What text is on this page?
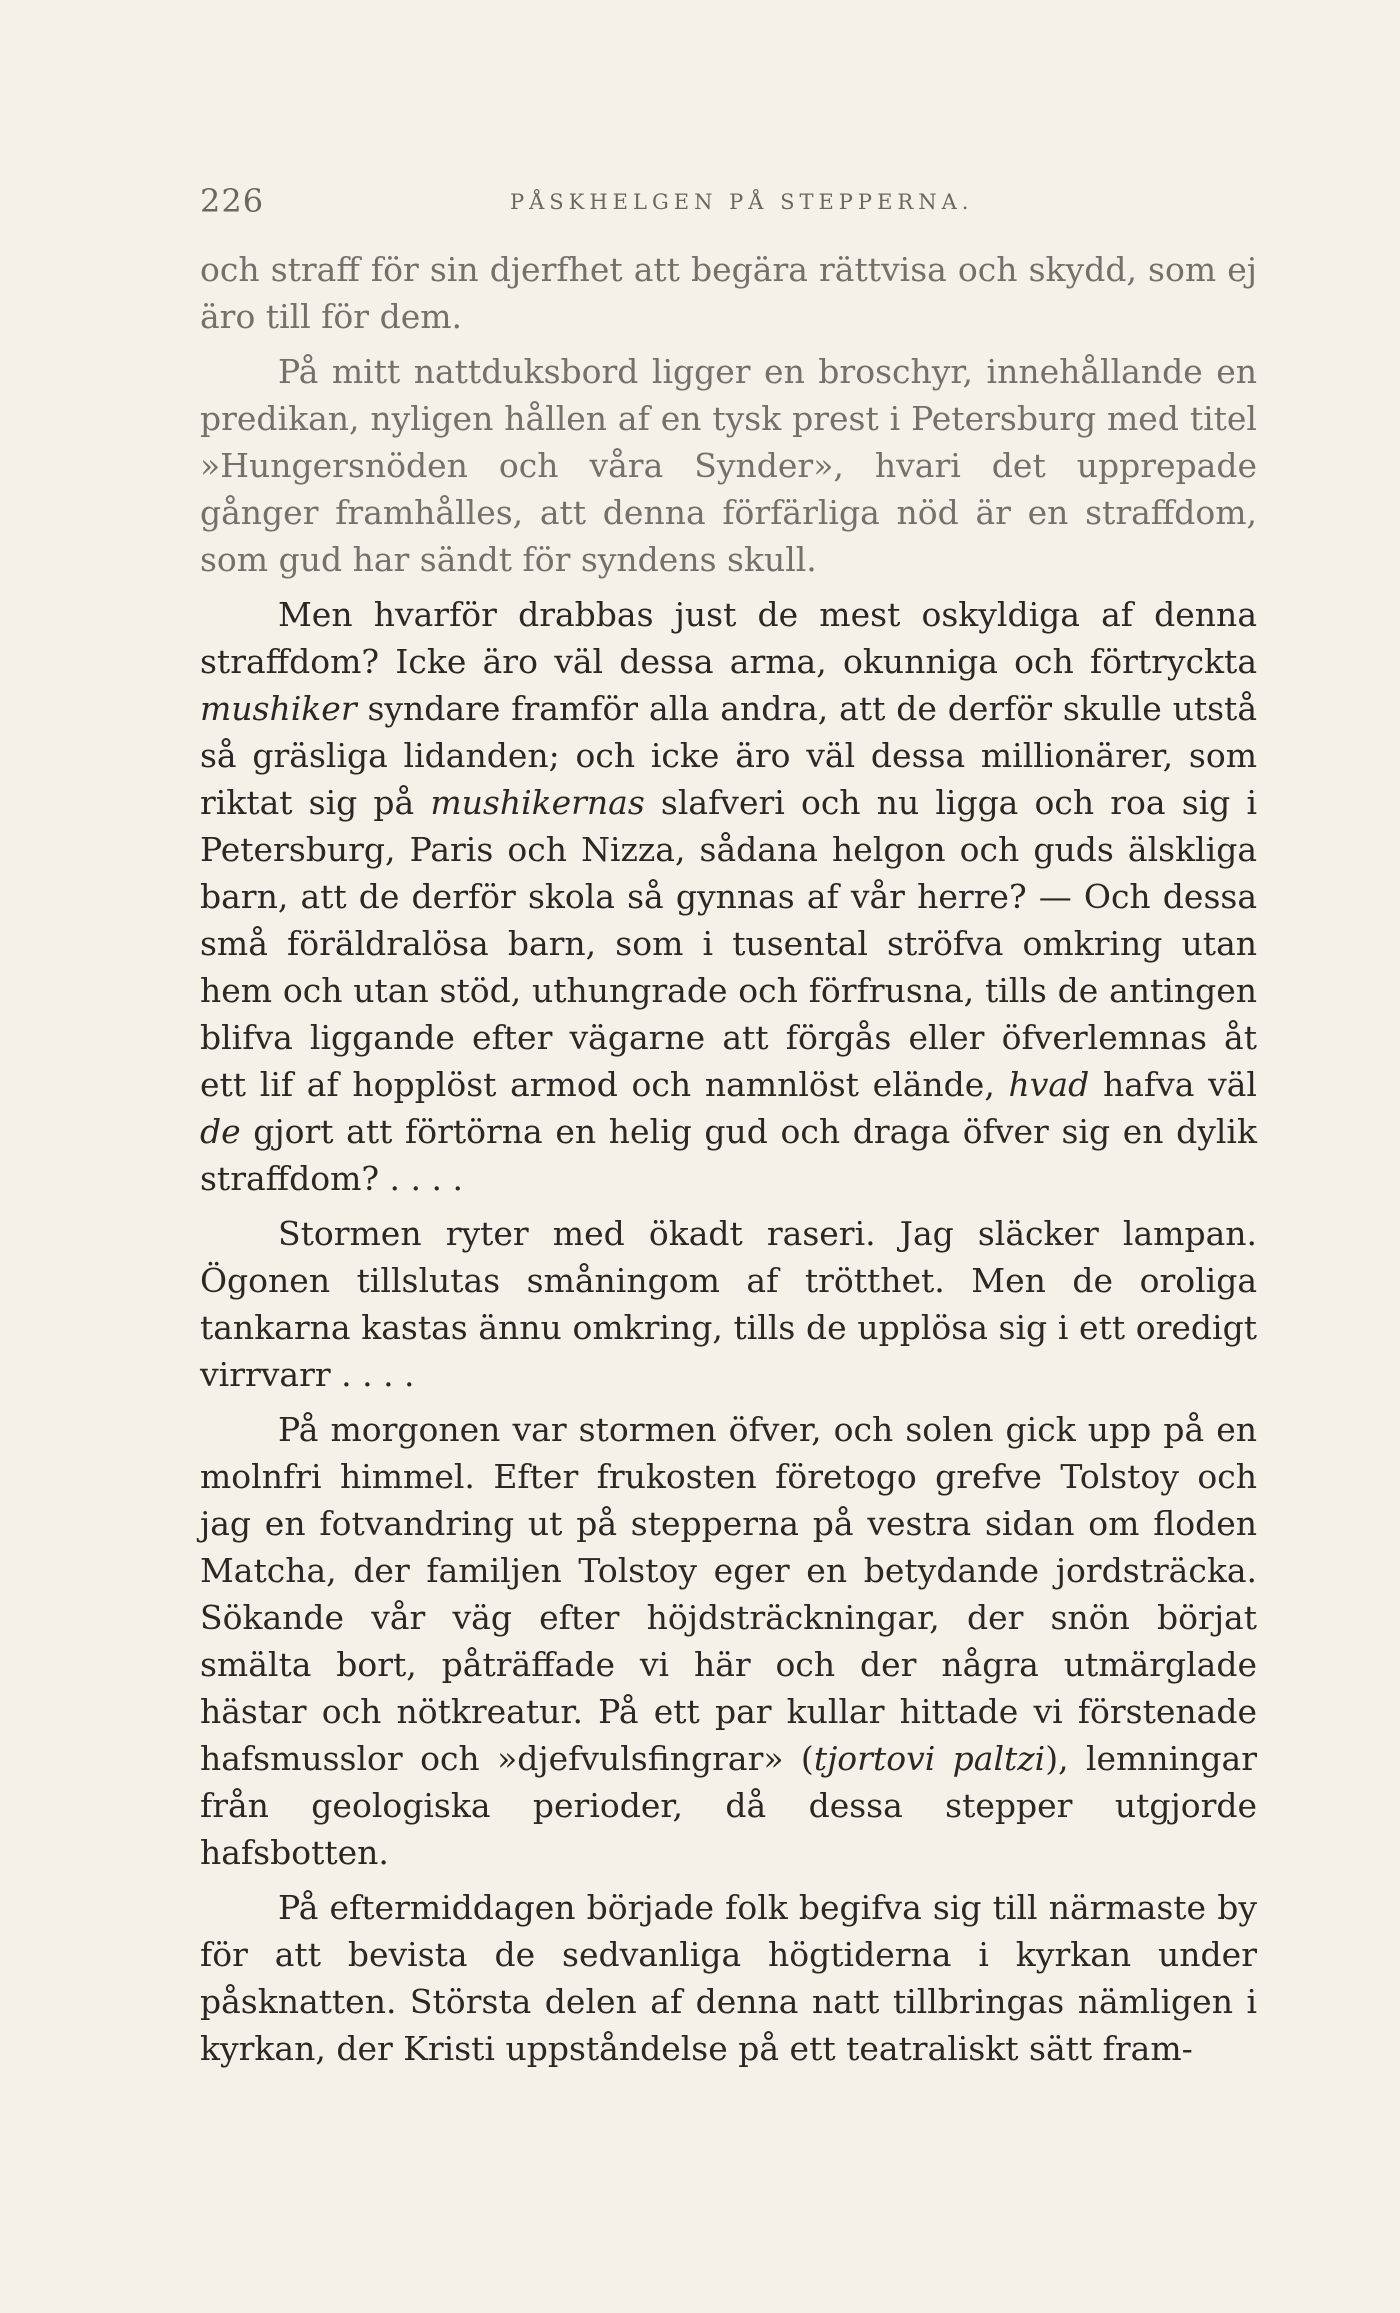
226	PÅSKHELGEN PÅ STEPPERNA.

och straff för sin djerfhet att begära rättvisa och skydd, som ej äro till för dem.

På mitt nattduksbord ligger en broschyr, innehållande en predikan, nyligen hållen af en tysk prest i Petersburg med titel »Hungersnöden och våra Synder», hvari det upprepade gånger framhålles, att denna förfärliga nöd är en straffdom, som gud har sändt för syndens skull.

Men hvarför drabbas just de mest oskyldiga af denna straffdom? Icke äro väl dessa arma, okunniga och förtryckta mushiker syndare framför alla andra, att de derför skulle utstå så gräsliga lidanden; och icke äro väl dessa millionärer, som riktat sig på mushikernas slafveri och nu ligga och roa sig i Petersburg, Paris och Nizza, sådana helgon och guds älskliga barn, att de derför skola så gynnas af vår herre? — Och dessa små föräldralösa barn, som i tusental ströfva omkring utan hem och utan stöd, uthungrade och förfrusna, tills de antingen blifva liggande efter vägarne att förgås eller öfverlemnas åt ett lif af hopplöst armod och namnlöst elände, hvad hafva väl de gjort att förtörna en helig gud och draga öfver sig en dylik straffdom? . . . .

Stormen ryter med ökadt raseri. Jag släcker lampan. Ögonen tillslutas småningom af trötthet. Men de oroliga tankarna kastas ännu omkring, tills de upplösa sig i ett oredigt virrvarr . . . .

På morgonen var stormen öfver, och solen gick upp på en molnfri himmel. Efter frukosten företogo grefve Tolstoy och jag en fotvandring ut på stepperna på vestra sidan om floden Matcha, der familjen Tolstoy eger en betydande jordsträcka. Sökande vår väg efter höjdsträckningar, der snön börjat smälta bort, påträffade vi här och der några utmärglade hästar och nötkreatur. På ett par kullar hittade vi förstenade hafsmusslor och »djefvulsfingrar» (tjortovi paltzi), lemningar från geologiska perioder, då dessa stepper utgjorde hafsbotten.

På eftermiddagen började folk begifva sig till närmaste by för att bevista de sedvanliga högtiderna i kyrkan under påsknatten. Största delen af denna natt tillbringas nämligen i kyrkan, der Kristi uppståndelse på ett teatraliskt sätt fram-
